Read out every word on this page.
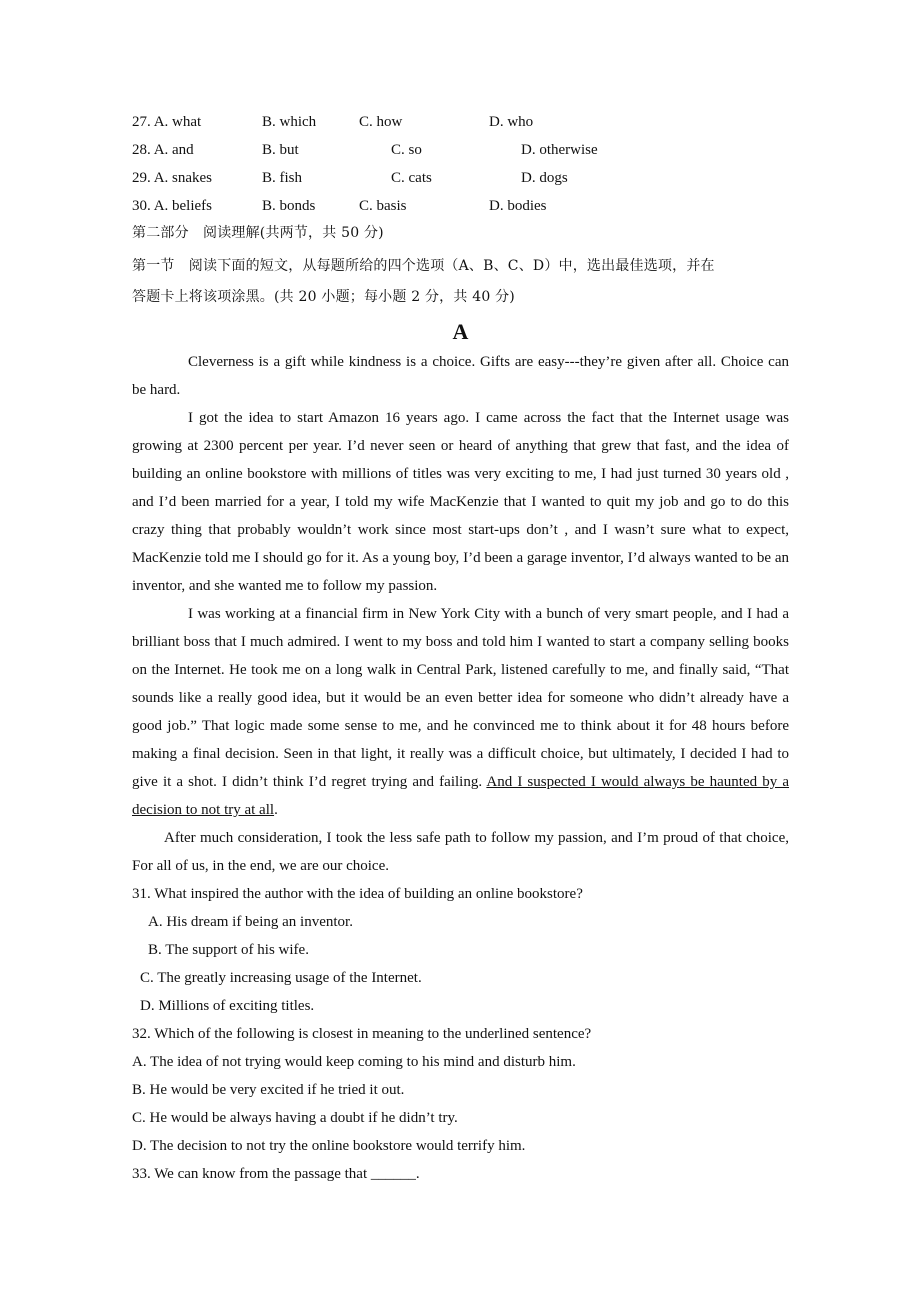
27. A. what	B. which	C. how	D. who
28. A. and	B. but	C. so	D. otherwise
29. A. snakes	B. fish	C. cats	D. dogs
30. A. beliefs	B. bonds	C. basis	D. bodies
第二部分　阅读理解(共两节，共 50 分)
第一节　阅读下面的短文，从每题所给的四个选项（A、B、C、D）中，选出最佳选项，并在
答题卡上将该项涂黑。(共 20 小题；每小题 2 分，共 40 分)
A

Cleverness is a gift while kindness is a choice. Gifts are easy---they’re given after all. Choice can be hard.

I got the idea to start Amazon 16 years ago. I came across the fact that the Internet usage was growing at 2300 percent per year. I’d never seen or heard of anything that grew that fast, and the idea of building an online bookstore with millions of titles was very exciting to me, I had just turned 30 years old , and I’d been married for a year, I told my wife MacKenzie that I wanted to quit my job and go to do this crazy thing that probably wouldn’t work since most start-ups don’t , and I wasn’t sure what to expect, MacKenzie told me I should go for it. As a young boy, I’d been a garage inventor, I’d always wanted to be an inventor, and she wanted me to follow my passion.

I was working at a financial firm in New York City with a bunch of very smart people, and I had a brilliant boss that I much admired. I went to my boss and told him I wanted to start a company selling books on the Internet. He took me on a long walk in Central Park, listened carefully to me, and finally said, “That sounds like a really good idea, but it would be an even better idea for someone who didn’t already have a good job.” That logic made some sense to me, and he convinced me to think about it for 48 hours before making a final decision. Seen in that light, it really was a difficult choice, but ultimately, I decided I had to give it a shot. I didn’t think I’d regret trying and failing. And I suspected I would always be haunted by a decision to not try at all.

After much consideration, I took the less safe path to follow my passion, and I’m proud of that choice, For all of us, in the end, we are our choice.

31. What inspired the author with the idea of building an online bookstore?
A. His dream if being an inventor.
B. The support of his wife.
C. The greatly increasing usage of the Internet.
D. Millions of exciting titles.
32. Which of the following is closest in meaning to the underlined sentence?
A. The idea of not trying would keep coming to his mind and disturb him.
B. He would be very excited if he tried it out.
C. He would be always having a doubt if he didn’t try.
D. The decision to not try the online bookstore would terrify him.
33. We can know from the passage that ______.
